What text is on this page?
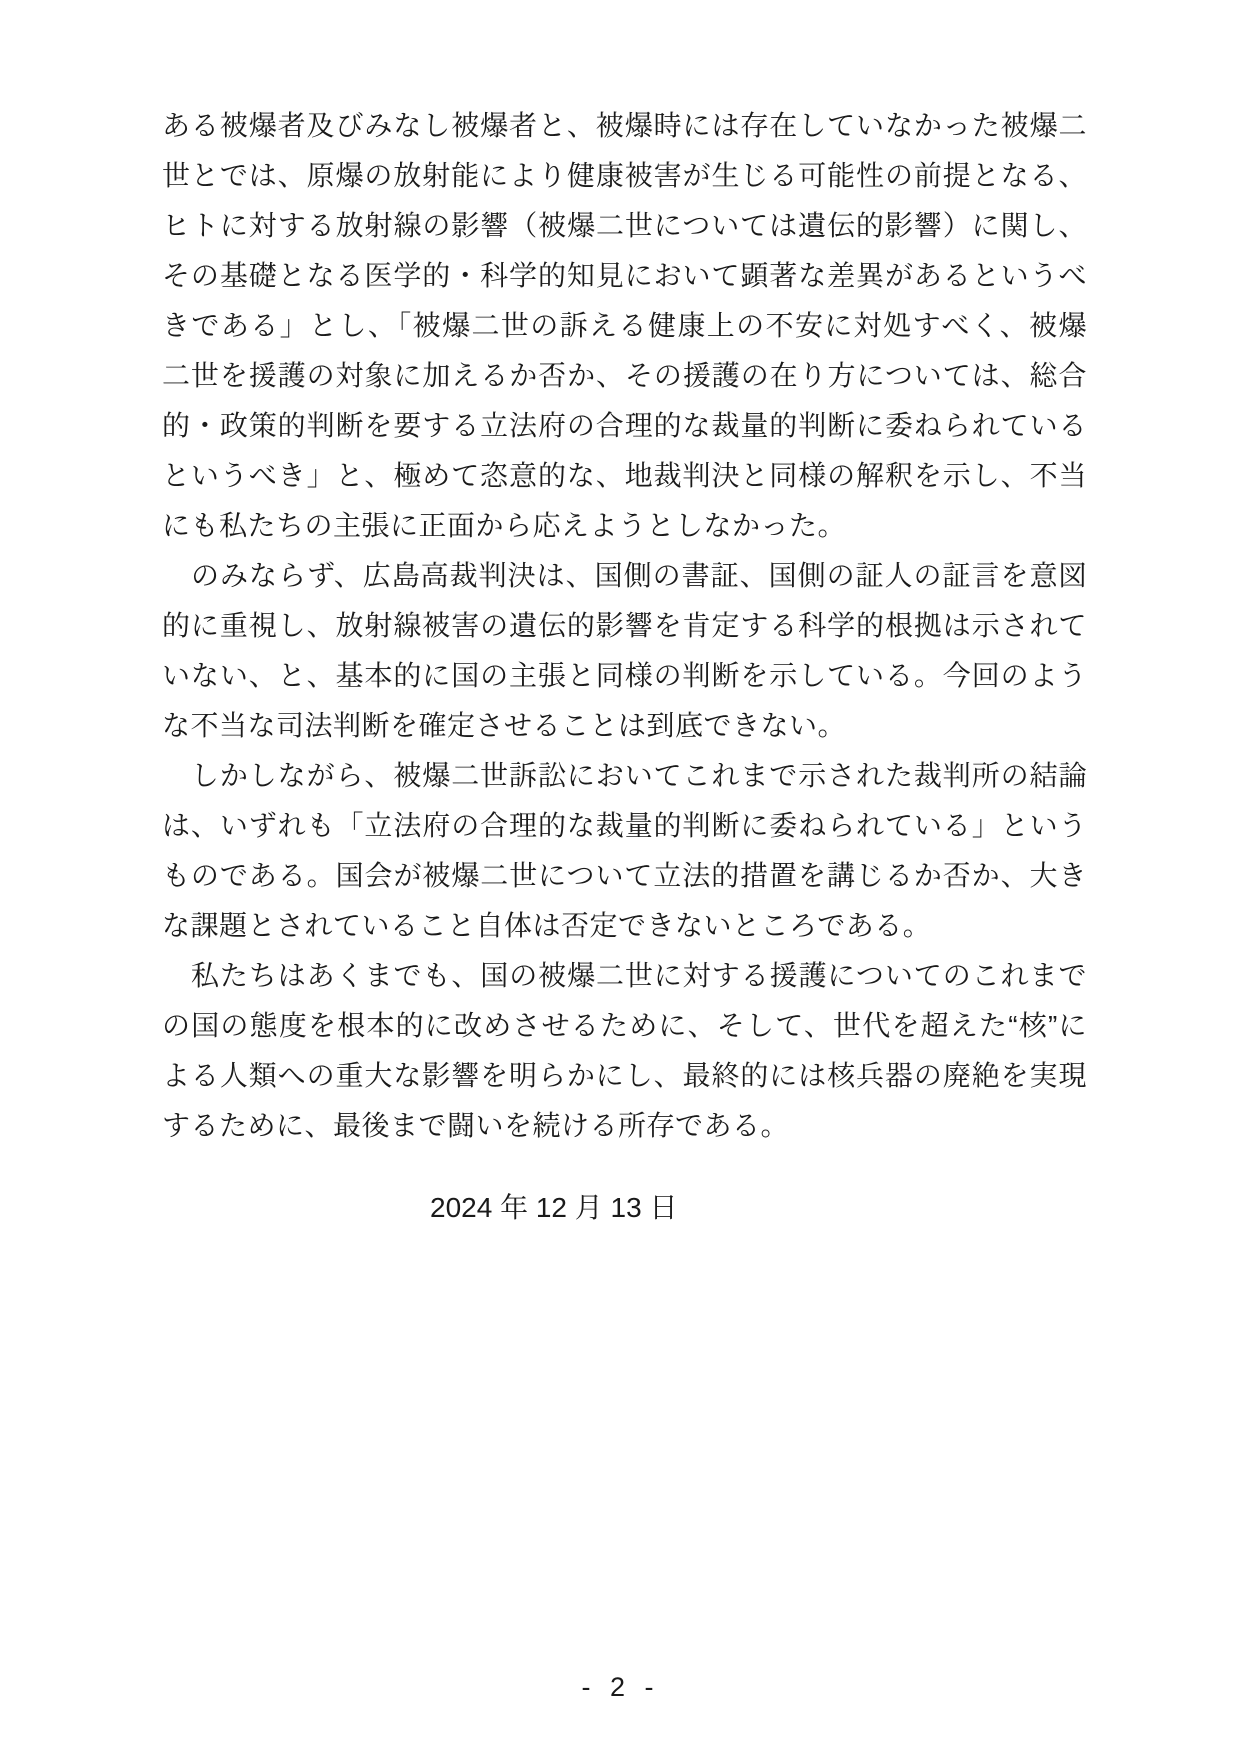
ある被爆者及びみなし被爆者と、被爆時には存在していなかった被爆二世とでは、原爆の放射能により健康被害が生じる可能性の前提となる、ヒトに対する放射線の影響（被爆二世については遺伝的影響）に関し、その基礎となる医学的・科学的知見において顕著な差異があるというべきである」とし、「被爆二世の訴える健康上の不安に対処すべく、被爆二世を援護の対象に加えるか否か、その援護の在り方については、総合的・政策的判断を要する立法府の合理的な裁量的判断に委ねられているというべき」と、極めて恣意的な、地裁判決と同様の解釈を示し、不当にも私たちの主張に正面から応えようとしなかった。

　のみならず、広島高裁判決は、国側の書証、国側の証人の証言を意図的に重視し、放射線被害の遺伝的影響を肯定する科学的根拠は示されていない、と、基本的に国の主張と同様の判断を示している。今回のような不当な司法判断を確定させることは到底できない。

　しかしながら、被爆二世訴訟においてこれまで示された裁判所の結論は、いずれも「立法府の合理的な裁量的判断に委ねられている」というものである。国会が被爆二世について立法的措置を講じるか否か、大きな課題とされていること自体は否定できないところである。

　私たちはあくまでも、国の被爆二世に対する援護についてのこれまでの国の態度を根本的に改めさせるために、そして、世代を超えた“核”による人類への重大な影響を明らかにし、最終的には核兵器の廃絶を実現するために、最後まで闘いを続ける所存である。

2024 年 12 月 13 日
- 2 -
